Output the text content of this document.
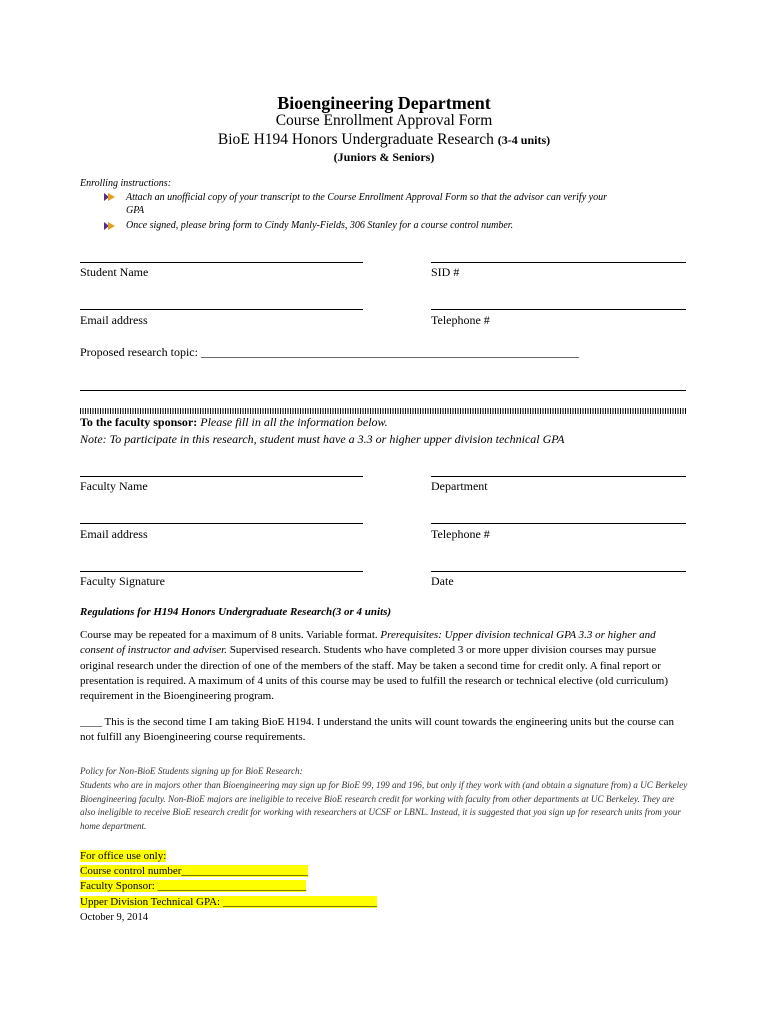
Bioengineering Department
Course Enrollment Approval Form
BioE H194 Honors Undergraduate Research (3-4 units)
(Juniors & Seniors)
Enrolling instructions:
Attach an unofficial copy of your transcript to the Course Enrollment Approval Form so that the advisor can verify your
GPA
Once signed, please bring form to Cindy Manly-Fields, 306 Stanley for a course control number.
Student Name	SID #
Email address	Telephone #
Proposed research topic: _______________________________________________________________
To the faculty sponsor: Please fill in all the information below.
Note: To participate in this research, student must have a 3.3 or higher upper division technical GPA
Faculty Name	Department
Email address	Telephone #
Faculty Signature	Date
Regulations for H194 Honors Undergraduate Research(3 or 4 units)
Course may be repeated for a maximum of 8 units. Variable format. Prerequisites: Upper division technical GPA 3.3 or higher and consent of instructor and adviser. Supervised research. Students who have completed 3 or more upper division courses may pursue original research under the direction of one of the members of the staff. May be taken a second time for credit only. A final report or presentation is required. A maximum of 4 units of this course may be used to fulfill the research or technical elective (old curriculum) requirement in the Bioengineering program.
____ This is the second time I am taking BioE H194. I understand the units will count towards the engineering units but the course can not fulfill any Bioengineering course requirements.
Policy for Non-BioE Students signing up for BioE Research:
Students who are in majors other than Bioengineering may sign up for BioE 99, 199 and 196, but only if they work with (and obtain a signature from) a UC Berkeley Bioengineering faculty. Non-BioE majors are ineligible to receive BioE research credit for working with faculty from other departments at UC Berkeley. They are also ineligible to receive BioE research credit for working with researchers at UCSF or LBNL. Instead, it is suggested that you sign up for research units from your home department.
For office use only:
Course control number_______________________
Faculty Sponsor: ___________________________
Upper Division Technical GPA: ____________________________
October 9, 2014
